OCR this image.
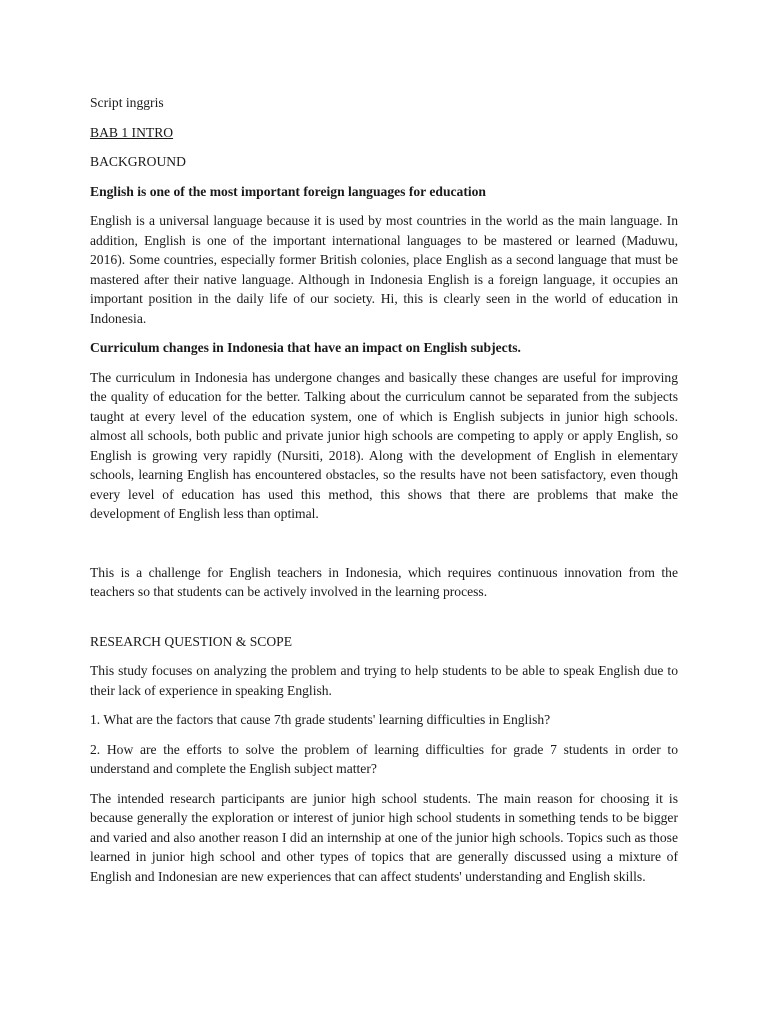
Script inggris

BAB 1 INTRO

BACKGROUND

English is one of the most important foreign languages for education

English is a universal language because it is used by most countries in the world as the main language. In addition, English is one of the important international languages to be mastered or learned (Maduwu, 2016). Some countries, especially former British colonies, place English as a second language that must be mastered after their native language. Although in Indonesia English is a foreign language, it occupies an important position in the daily life of our society. Hi, this is clearly seen in the world of education in Indonesia.

Curriculum changes in Indonesia that have an impact on English subjects.

The curriculum in Indonesia has undergone changes and basically these changes are useful for improving the quality of education for the better. Talking about the curriculum cannot be separated from the subjects taught at every level of the education system, one of which is English subjects in junior high schools. almost all schools, both public and private junior high schools are competing to apply or apply English, so English is growing very rapidly (Nursiti, 2018). Along with the development of English in elementary schools, learning English has encountered obstacles, so the results have not been satisfactory, even though every level of education has used this method, this shows that there are problems that make the development of English less than optimal.

This is a challenge for English teachers in Indonesia, which requires continuous innovation from the teachers so that students can be actively involved in the learning process.

RESEARCH QUESTION & SCOPE

This study focuses on analyzing the problem and trying to help students to be able to speak English due to their lack of experience in speaking English.

1. What are the factors that cause 7th grade students' learning difficulties in English?

2. How are the efforts to solve the problem of learning difficulties for grade 7 students in order to understand and complete the English subject matter?

The intended research participants are junior high school students. The main reason for choosing it is because generally the exploration or interest of junior high school students in something tends to be bigger and varied and also another reason I did an internship at one of the junior high schools. Topics such as those learned in junior high school and other types of topics that are generally discussed using a mixture of English and Indonesian are new experiences that can affect students' understanding and English skills.
